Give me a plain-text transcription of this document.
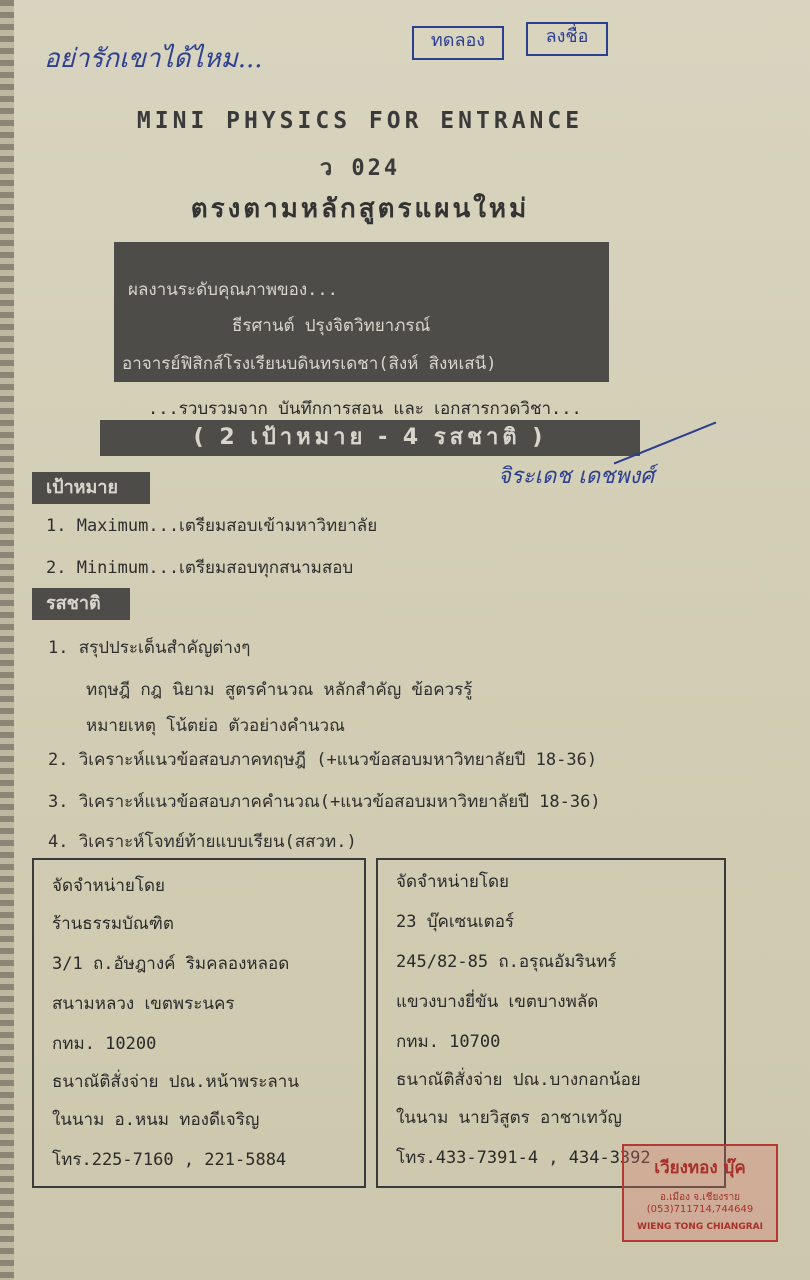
อย่ารักเขาได้ไหม...
ทดลอง	ลงชื่อ
MINI PHYSICS FOR ENTRANCE
ว 024
ตรงตามหลักสูตรแผนใหม่
ผลงานระดับคุณภาพของ...
ธีรศานต์ ปรุงจิตวิทยาภรณ์
อาจารย์ฟิสิกส์โรงเรียนบดินทรเดชา(สิงห์ สิงหเสนี)
...รวบรวมจาก บันทึกการสอน และ เอกสารกวดวิชา...
( 2 เป้าหมาย - 4 รสชาติ )
จิระเดช เดชพงศ์
เป้าหมาย
1. Maximum...เตรียมสอบเข้ามหาวิทยาลัย
2. Minimum...เตรียมสอบทุกสนามสอบ
รสชาติ
1. สรุปประเด็นสำคัญต่างๆ
ทฤษฎี กฎ นิยาม สูตรคำนวณ หลักสำคัญ ข้อควรรู้
หมายเหตุ โน้ตย่อ ตัวอย่างคำนวณ
2. วิเคราะห์แนวข้อสอบภาคทฤษฎี (+แนวข้อสอบมหาวิทยาลัยปี 18-36)
3. วิเคราะห์แนวข้อสอบภาคคำนวณ(+แนวข้อสอบมหาวิทยาลัยปี 18-36)
4. วิเคราะห์โจทย์ท้ายแบบเรียน(สสวท.)
จัดจำหน่ายโดย
ร้านธรรมบัณฑิต
3/1 ถ.อัษฎางค์ ริมคลองหลอด
สนามหลวง เขตพระนคร
กทม. 10200
ธนาณัติสั่งจ่าย ปณ.หน้าพระลาน
ในนาม อ.หนม ทองดีเจริญ
โทร.225-7160 , 221-5884
จัดจำหน่ายโดย
23 บุ๊คเซนเตอร์
245/82-85 ถ.อรุณอัมรินทร์
แขวงบางยี่ขัน เขตบางพลัด
กทม. 10700
ธนาณัติสั่งจ่าย ปณ.บางกอกน้อย
ในนาม นายวิสูตร อาชาเทวัญ
โทร.433-7391-4 , 434-3392 เวียงทอง บุ๊ค
อ.เมือง จ.เชียงราย
(053)711714,744649
WIENG TONG CHIANGRAI
